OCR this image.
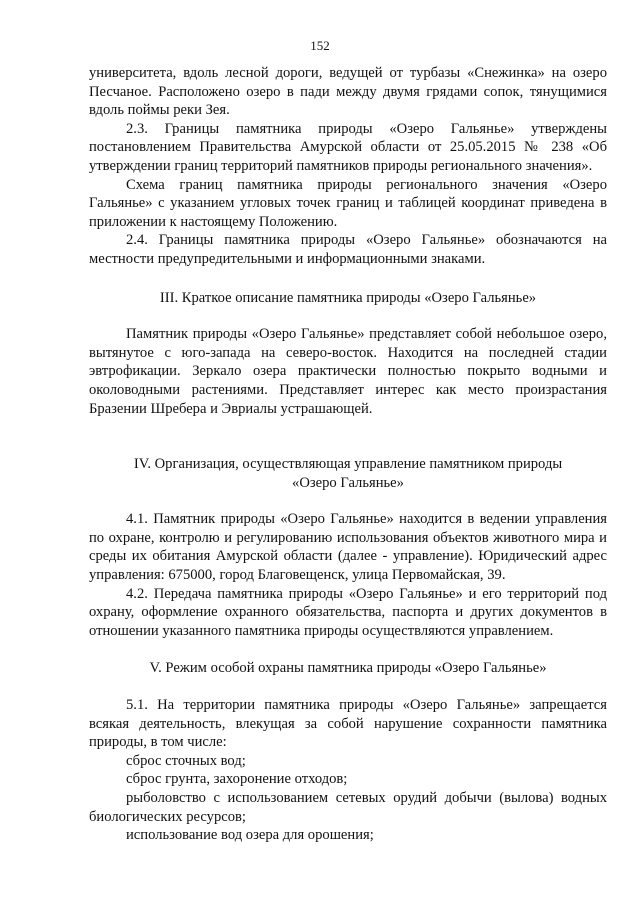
152

университета, вдоль лесной дороги, ведущей от турбазы «Снежинка» на озеро Песчаное. Расположено озеро в пади между двумя грядами сопок, тянущимися вдоль поймы реки Зея.

2.3. Границы памятника природы «Озеро Гальянье» утверждены постановлением Правительства Амурской области от 25.05.2015 № 238 «Об утверждении границ территорий памятников природы регионального значения».

Схема границ памятника природы регионального значения «Озеро Гальянье» с указанием угловых точек границ и таблицей координат приведена в приложении к настоящему Положению.

2.4. Границы памятника природы «Озеро Гальянье» обозначаются на местности предупредительными и информационными знаками.

III. Краткое описание памятника природы «Озеро Гальянье»

Памятник природы «Озеро Гальянье» представляет собой небольшое озеро, вытянутое с юго-запада на северо-восток. Находится на последней стадии эвтрофикации. Зеркало озера практически полностью покрыто водными и околоводными растениями. Представляет интерес как место произрастания Бразении Шребера и Эвриалы устрашающей.

IV. Организация, осуществляющая управление памятником природы

«Озеро Гальянье»

4.1. Памятник природы «Озеро Гальянье» находится в ведении управления по охране, контролю и регулированию использования объектов животного мира и среды их обитания Амурской области (далее - управление). Юридический адрес управления: 675000, город Благовещенск, улица Первомайская, 39.

4.2. Передача памятника природы «Озеро Гальянье» и его территорий под охрану, оформление охранного обязательства, паспорта и других документов в отношении указанного памятника природы осуществляются управлением.

V. Режим особой охраны памятника природы «Озеро Гальянье»

5.1. На территории памятника природы «Озеро Гальянье» запрещается всякая деятельность, влекущая за собой нарушение сохранности памятника природы, в том числе:

сброс сточных вод;

сброс грунта, захоронение отходов;

рыболовство с использованием сетевых орудий добычи (вылова) водных биологических ресурсов;

использование вод озера для орошения;
